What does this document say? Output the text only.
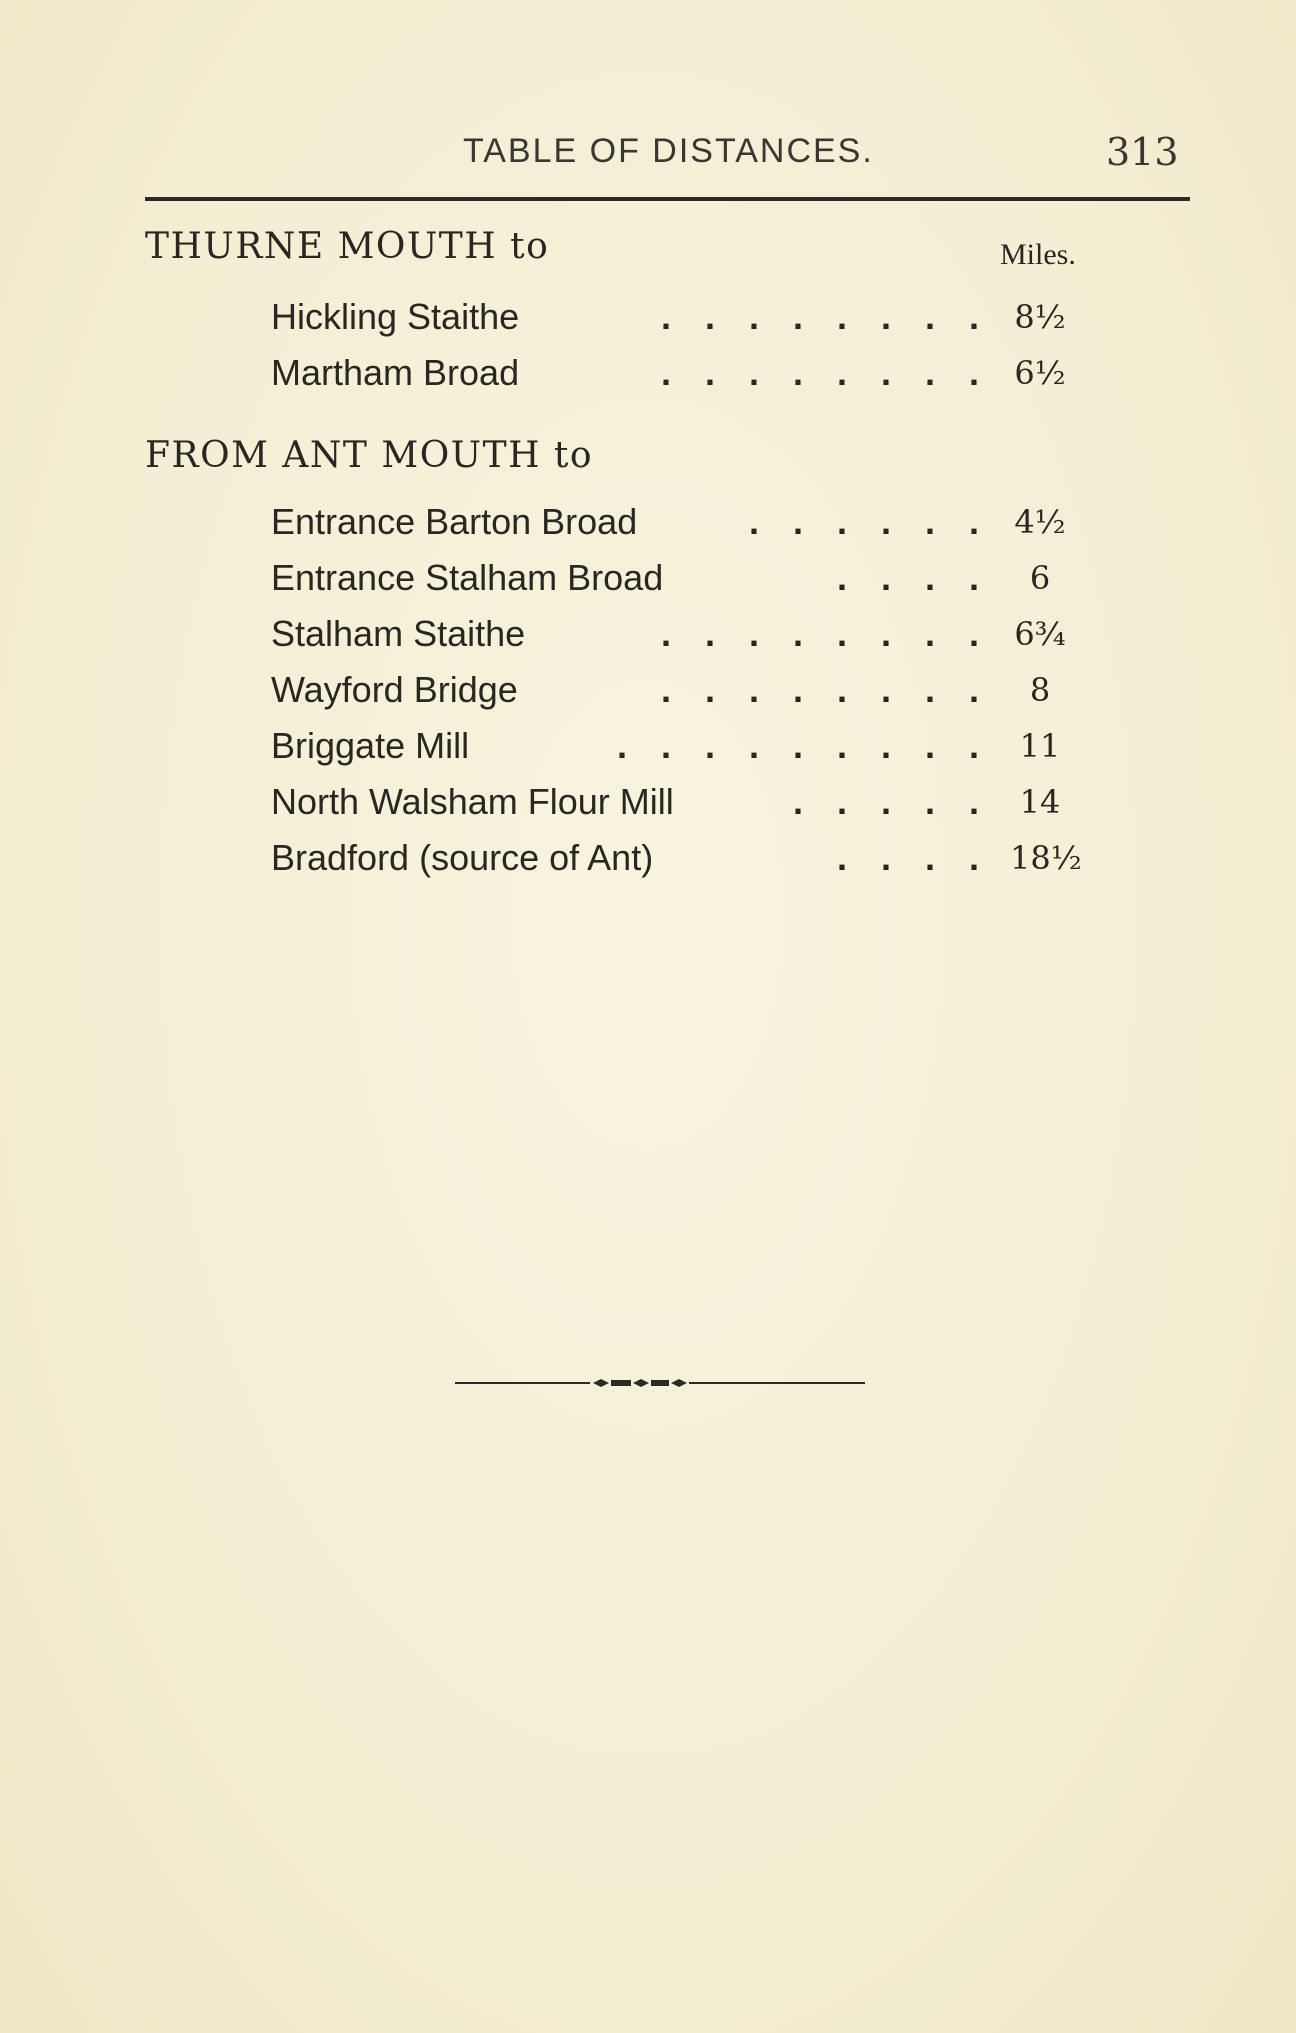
TABLE OF DISTANCES.	313
THURNE MOUTH to	Miles.
Hickling Staithe	. . . . . . . . 8½
Martham Broad	. . . . . . . . 6½
FROM ANT MOUTH to
Entrance Barton Broad	. . . . . . 4½
Entrance Stalham Broad	. . . .	6
Stalham Staithe	. . . . . . . . 6¾
Wayford Bridge	. . . . . . . .	8
Briggate Mill	. . . . . . . . . 11
North Walsham Flour Mill	. . . . . 14
Bradford (source of Ant)	. . . . 18½
